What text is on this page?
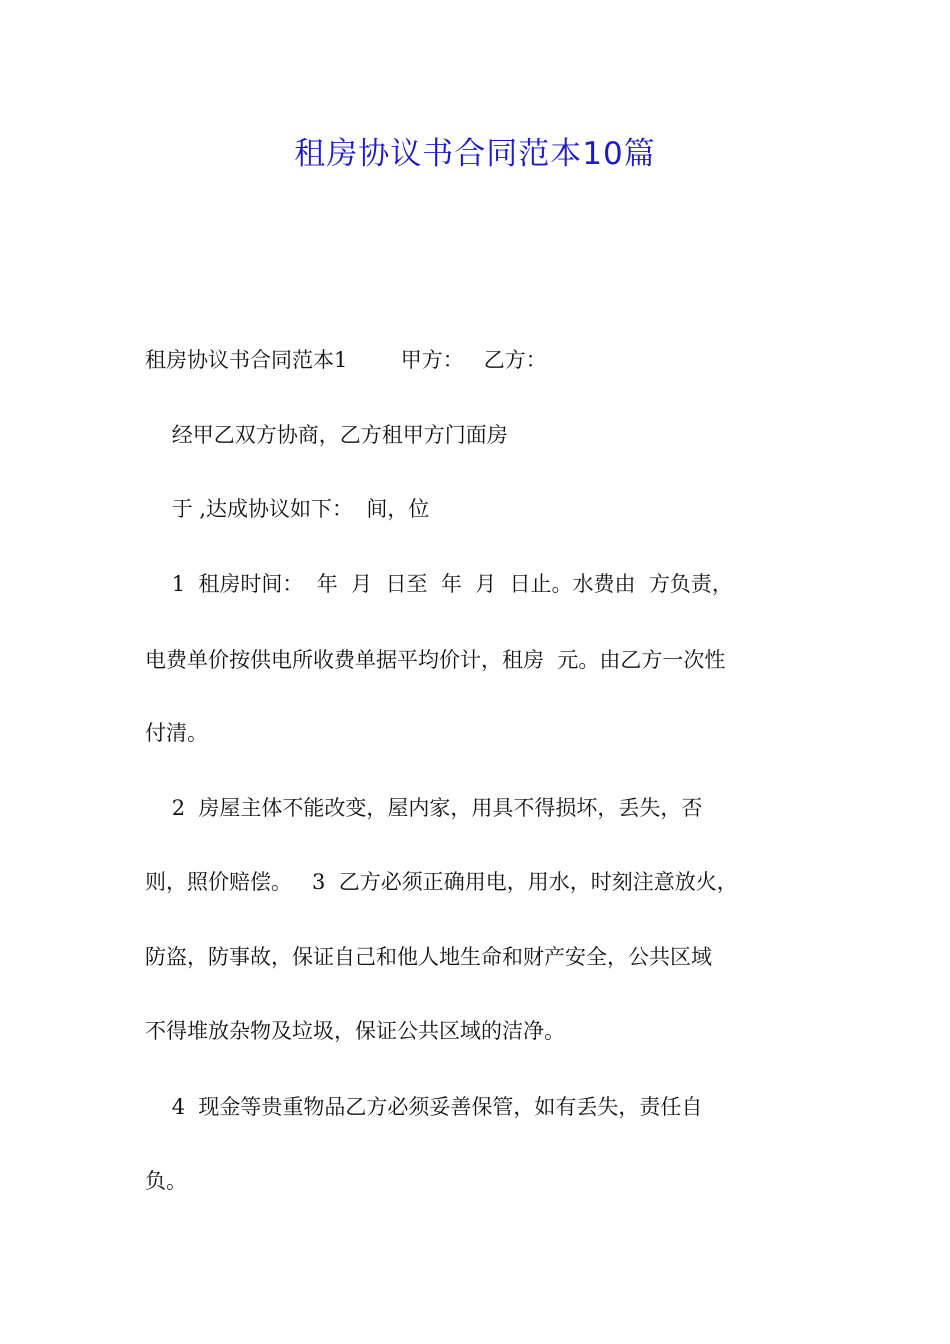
租房协议书合同范本10篇

租房协议书合同范本1        甲方：   乙方：

经甲乙双方协商，乙方租甲方门面房

于 ,达成协议如下：  间，位

1  租房时间：  年  月  日至  年  月  日止。水费由  方负责，

电费单价按供电所收费单据平均价计，租房  元。由乙方一次性

付清。

2  房屋主体不能改变，屋内家，用具不得损坏，丢失，否

则，照价赔偿。   3  乙方必须正确用电，用水，时刻注意放火，

防盗，防事故，保证自己和他人地生命和财产安全，公共区域

不得堆放杂物及垃圾，保证公共区域的洁净。

4  现金等贵重物品乙方必须妥善保管，如有丢失，责任自

负。
